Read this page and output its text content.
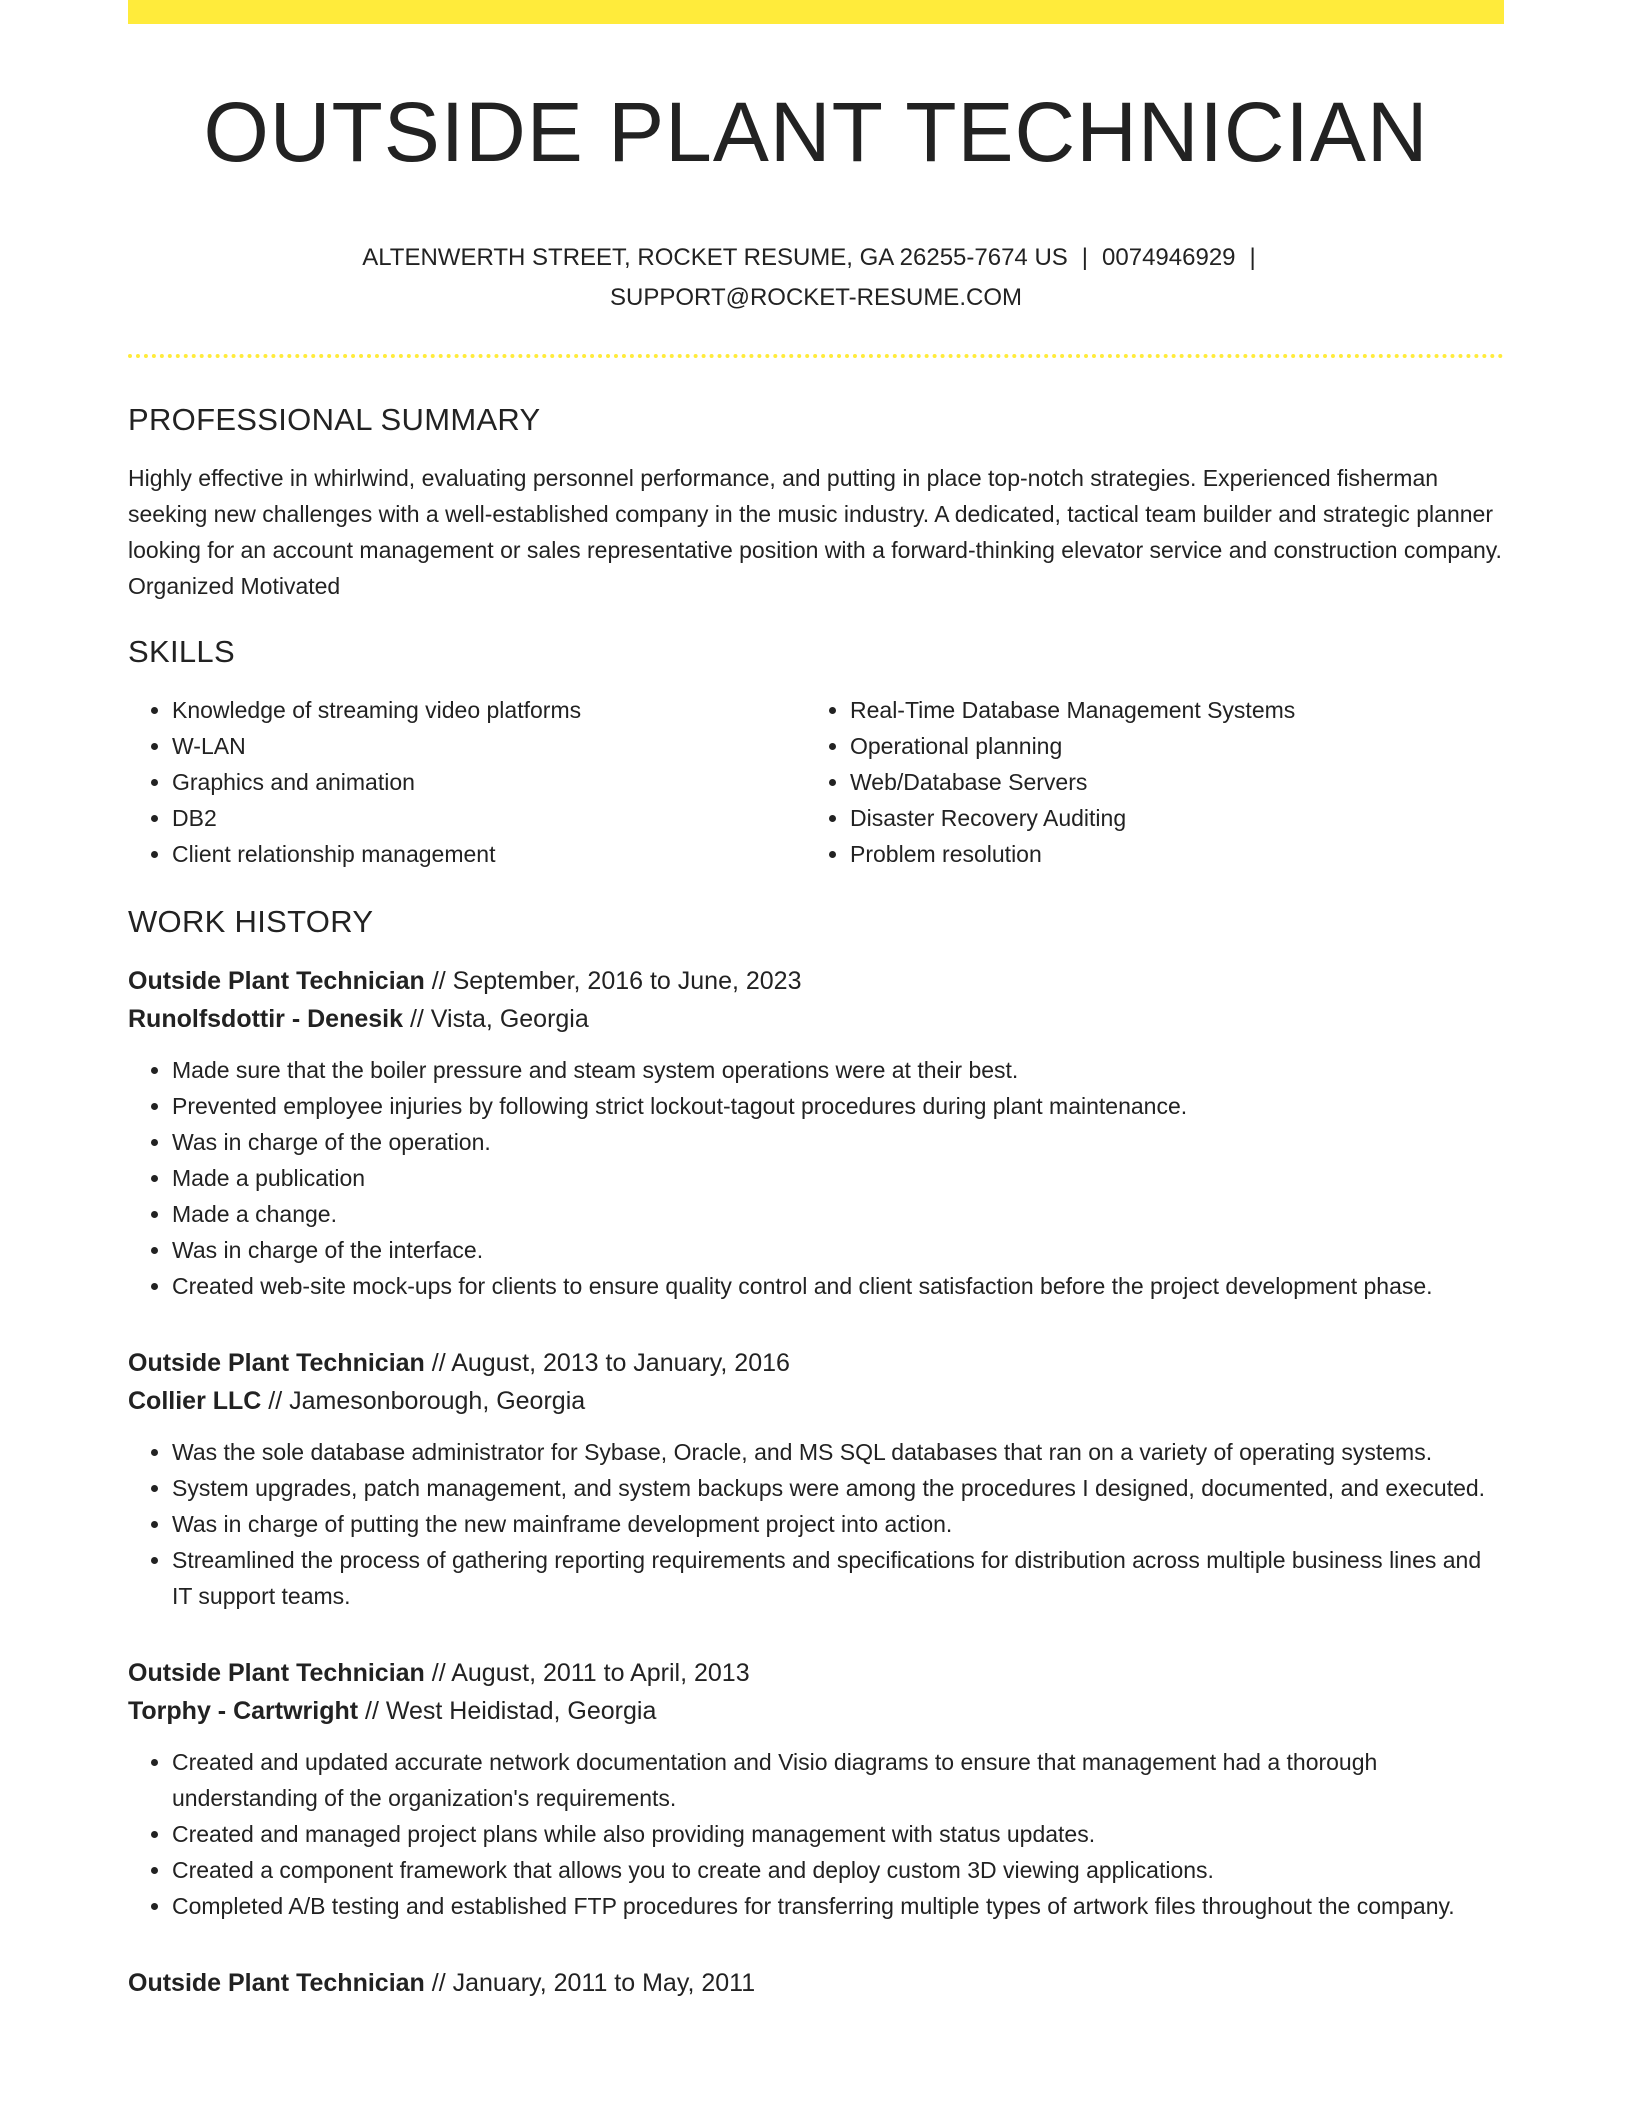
OUTSIDE PLANT TECHNICIAN
ALTENWERTH STREET, ROCKET RESUME, GA 26255-7674 US | 0074946929 |
SUPPORT@ROCKET-RESUME.COM
PROFESSIONAL SUMMARY
Highly effective in whirlwind, evaluating personnel performance, and putting in place top-notch strategies. Experienced fisherman seeking new challenges with a well-established company in the music industry. A dedicated, tactical team builder and strategic planner looking for an account management or sales representative position with a forward-thinking elevator service and construction company. Organized Motivated
SKILLS
• Knowledge of streaming video platforms
• W-LAN
• Graphics and animation
• DB2
• Client relationship management
• Real-Time Database Management Systems
• Operational planning
• Web/Database Servers
• Disaster Recovery Auditing
• Problem resolution
WORK HISTORY
Outside Plant Technician // September, 2016 to June, 2023
Runolfsdottir - Denesik // Vista, Georgia
• Made sure that the boiler pressure and steam system operations were at their best.
• Prevented employee injuries by following strict lockout-tagout procedures during plant maintenance.
• Was in charge of the operation.
• Made a publication
• Made a change.
• Was in charge of the interface.
• Created web-site mock-ups for clients to ensure quality control and client satisfaction before the project development phase.
Outside Plant Technician // August, 2013 to January, 2016
Collier LLC // Jamesonborough, Georgia
• Was the sole database administrator for Sybase, Oracle, and MS SQL databases that ran on a variety of operating systems.
• System upgrades, patch management, and system backups were among the procedures I designed, documented, and executed.
• Was in charge of putting the new mainframe development project into action.
• Streamlined the process of gathering reporting requirements and specifications for distribution across multiple business lines and IT support teams.
Outside Plant Technician // August, 2011 to April, 2013
Torphy - Cartwright // West Heidistad, Georgia
• Created and updated accurate network documentation and Visio diagrams to ensure that management had a thorough understanding of the organization's requirements.
• Created and managed project plans while also providing management with status updates.
• Created a component framework that allows you to create and deploy custom 3D viewing applications.
• Completed A/B testing and established FTP procedures for transferring multiple types of artwork files throughout the company.
Outside Plant Technician // January, 2011 to May, 2011
